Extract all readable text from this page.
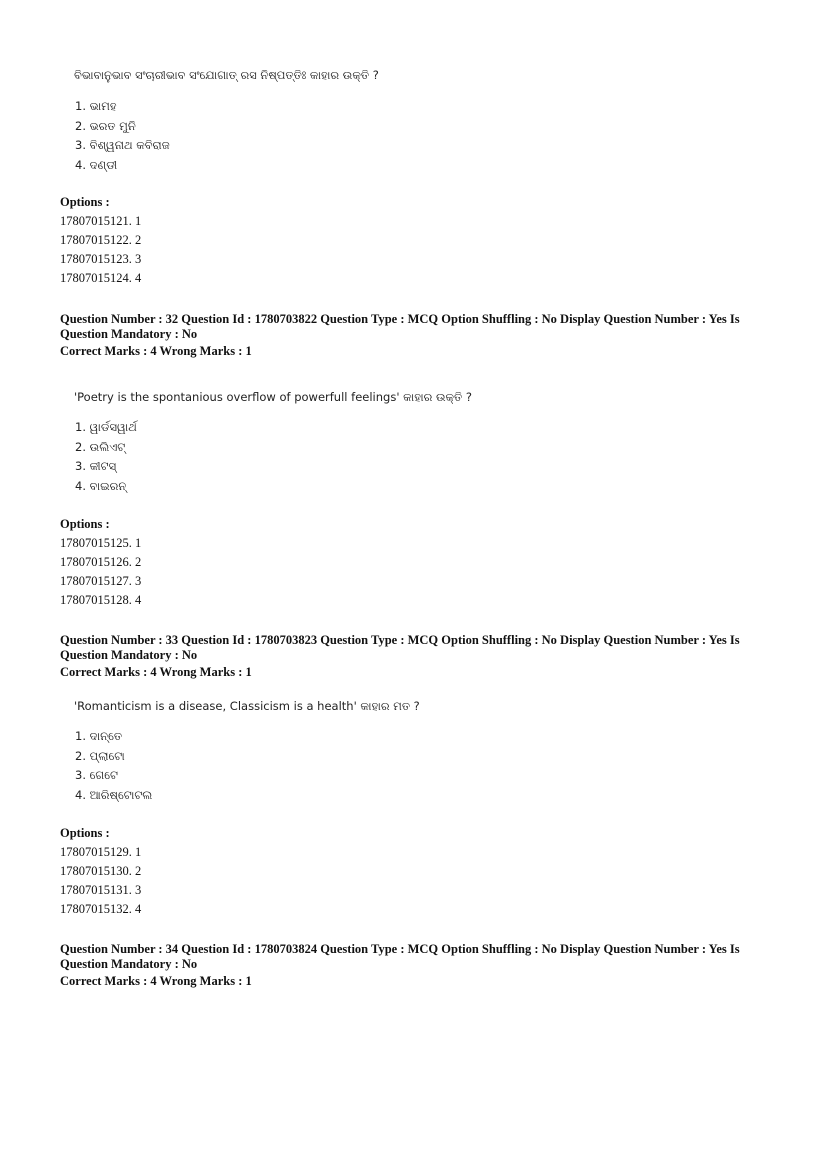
ବିଭାବାନୁଭାବ ସଂଚାରୀଭାବ ସଂଯୋଗାତ୍ ରସ ନିଷ୍ପତ୍ତିଃ କାହାର ଉକ୍ତି ?
1. ଭାମହ
2. ଭରତ ମୁନି
3. ବିଶ୍ୱନାଥ କବିରାଜ
4. ଦଣ୍ଡୀ
Options :
17807015121. 1
17807015122. 2
17807015123. 3
17807015124. 4
Question Number : 32 Question Id : 1780703822 Question Type : MCQ Option Shuffling : No Display Question Number : Yes Is
Question Mandatory : No
Correct Marks : 4 Wrong Marks : 1
'Poetry is the spontanious overflow of powerfull feelings' କାହାର ଉକ୍ତି ?
1. ୱାର୍ଡସୱାର୍ଥ
2. ଉଲିଏଟ୍
3. କୀଟସ୍
4. ବାଇରନ୍
Options :
17807015125. 1
17807015126. 2
17807015127. 3
17807015128. 4
Question Number : 33 Question Id : 1780703823 Question Type : MCQ Option Shuffling : No Display Question Number : Yes Is
Question Mandatory : No
Correct Marks : 4 Wrong Marks : 1
'Romanticism is a disease, Classicism is a health' କାହାର ମତ ?
1. ଦାନ୍ତେ
2. ପ୍ଲାଟୋ
3. ଗେଟେ
4. ଆରିଷ୍ଟୋଟଲ
Options :
17807015129. 1
17807015130. 2
17807015131. 3
17807015132. 4
Question Number : 34 Question Id : 1780703824 Question Type : MCQ Option Shuffling : No Display Question Number : Yes Is
Question Mandatory : No
Correct Marks : 4 Wrong Marks : 1
